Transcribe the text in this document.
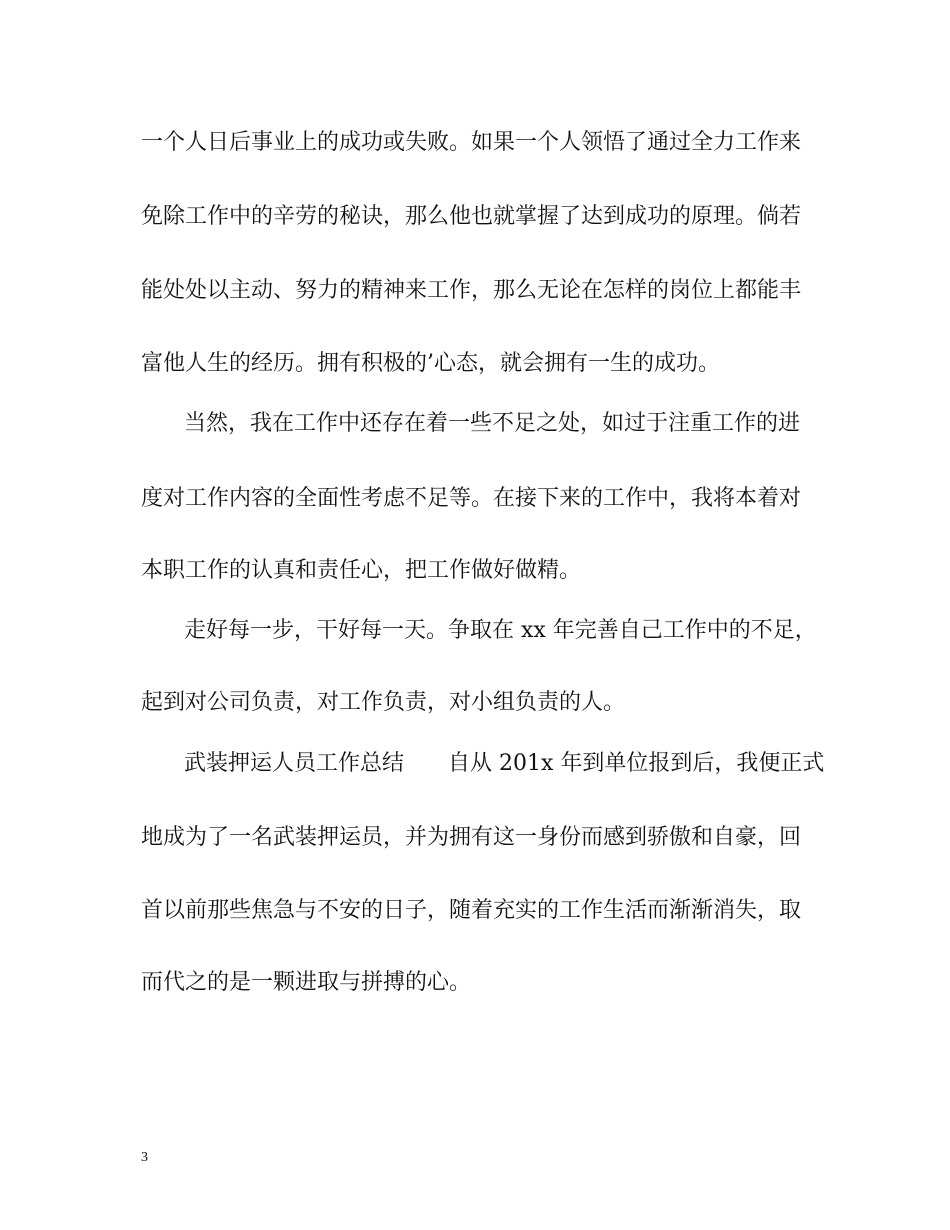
一个人日后事业上的成功或失败。如果一个人领悟了通过全力工作来
免除工作中的辛劳的秘诀，那么他也就掌握了达到成功的原理。倘若
能处处以主动、努力的精神来工作，那么无论在怎样的岗位上都能丰
富他人生的经历。拥有积极的’心态，就会拥有一生的成功。
当然，我在工作中还存在着一些不足之处，如过于注重工作的进
度对工作内容的全面性考虑不足等。在接下来的工作中，我将本着对
本职工作的认真和责任心，把工作做好做精。
走好每一步，干好每一天。争取在 xx 年完善自己工作中的不足，
起到对公司负责，对工作负责，对小组负责的人。
武装押运人员工作总结　　自从 201x 年到单位报到后，我便正式
地成为了一名武装押运员，并为拥有这一身份而感到骄傲和自豪，回
首以前那些焦急与不安的日子，随着充实的工作生活而渐渐消失，取
而代之的是一颗进取与拼搏的心。
3
